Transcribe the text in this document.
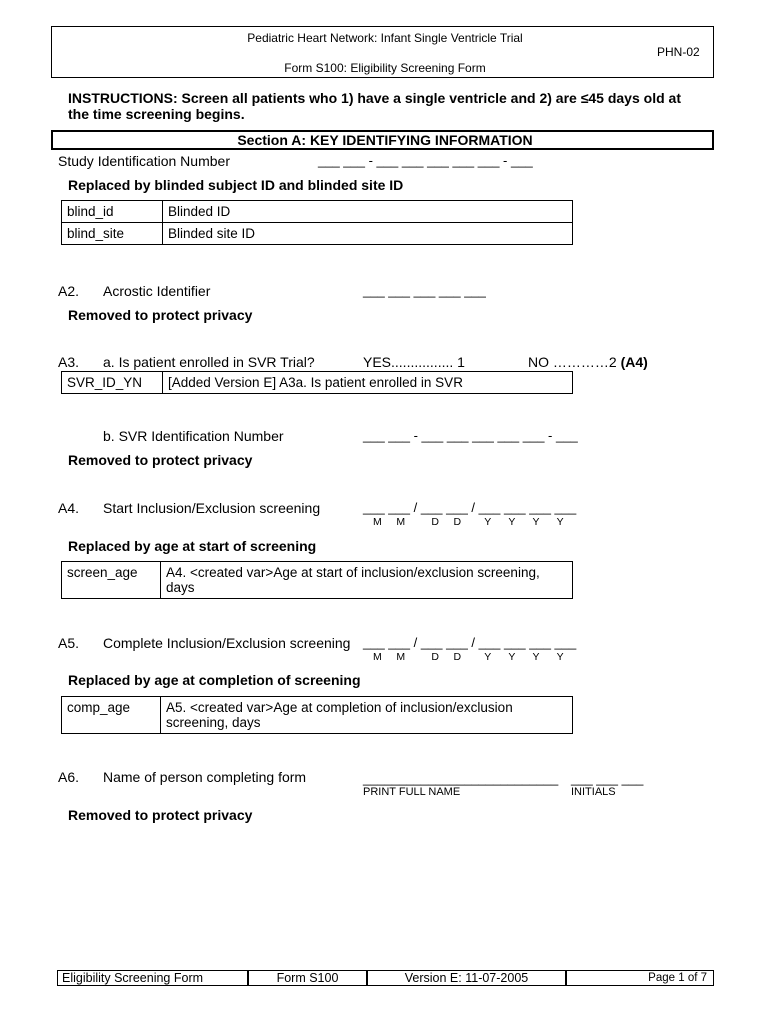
Pediatric Heart Network: Infant Single Ventricle Trial
PHN-02
Form S100: Eligibility Screening Form
INSTRUCTIONS: Screen all patients who 1) have a single ventricle and 2) are ≤45 days old at
the time screening begins.
Section A: KEY IDENTIFYING INFORMATION
Study Identification Number	___ ___ - ___ ___ ___ ___ ___ - ___
Replaced by blinded subject ID and blinded site ID
blind_id	Blinded ID
blind_site	Blinded site ID
A2. Acrostic Identifier	___ ___ ___ ___ ___
Removed to protect privacy
A3. a. Is patient enrolled in SVR Trial?	YES................ 1	NO …………2 (A4)
SVR_ID_YN	[Added Version E] A3a. Is patient enrolled in SVR
b. SVR Identification Number	___ ___ - ___ ___ ___ ___ ___ - ___
Removed to protect privacy
A4. Start Inclusion/Exclusion screening	___ ___ / ___ ___ / ___ ___ ___ ___
M     M         D     D        Y      Y      Y      Y
Replaced by age at start of screening
screen_age	A4. <created var>Age at start of inclusion/exclusion screening,
days
A5. Complete Inclusion/Exclusion screening ___ ___ / ___ ___ / ___ ___ ___ ___
M     M         D     D        Y      Y      Y      Y
Replaced by age at completion of screening
comp_age	A5. <created var>Age at completion of inclusion/exclusion
screening, days
A6. Name of person completing form	___________________________ ___ ___ ___
PRINT FULL NAME	INITIALS
Removed to protect privacy
Eligibility Screening Form	Form S100	Version E: 11-07-2005	Page 1 of 7
